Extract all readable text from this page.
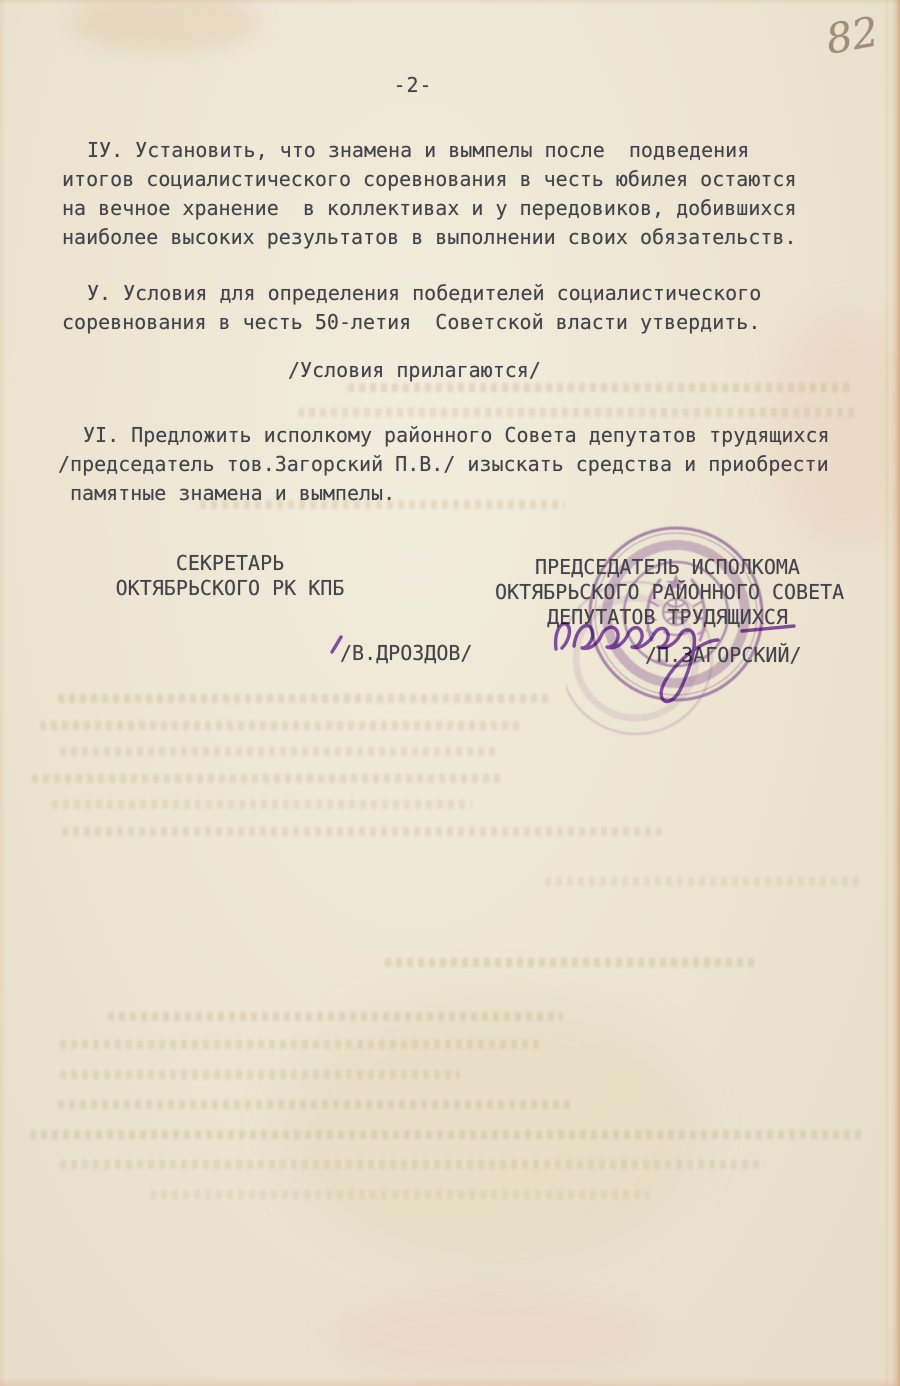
82
-2-
ІУ. Установить, что знамена и вымпелы после  подведения
итогов социалистического соревнования в честь юбилея остаются
на вечное хранение  в коллективах и у передовиков, добившихся
наиболее высоких результатов в выполнении своих обязательств.
У. Условия для определения победителей социалистического
соревнования в честь 50-летия  Советской власти утвердить.
/Условия прилагаются/
УІ. Предложить исполкому районного Совета депутатов трудящихся
/председатель тов.Загорский П.В./ изыскать средства и приобрести
памятные знамена и вымпелы.
СЕКРЕТАРЬ
ОКТЯБРЬСКОГО РК КПБ
/В.ДРОЗДОВ/
ПРЕДСЕДАТЕЛЬ ИСПОЛКОМА
ОКТЯБРЬСКОГО РАЙОННОГО СОВЕТА
ДЕПУТАТОВ ТРУДЯЩИХСЯ
/П.ЗАГОРСКИЙ/
